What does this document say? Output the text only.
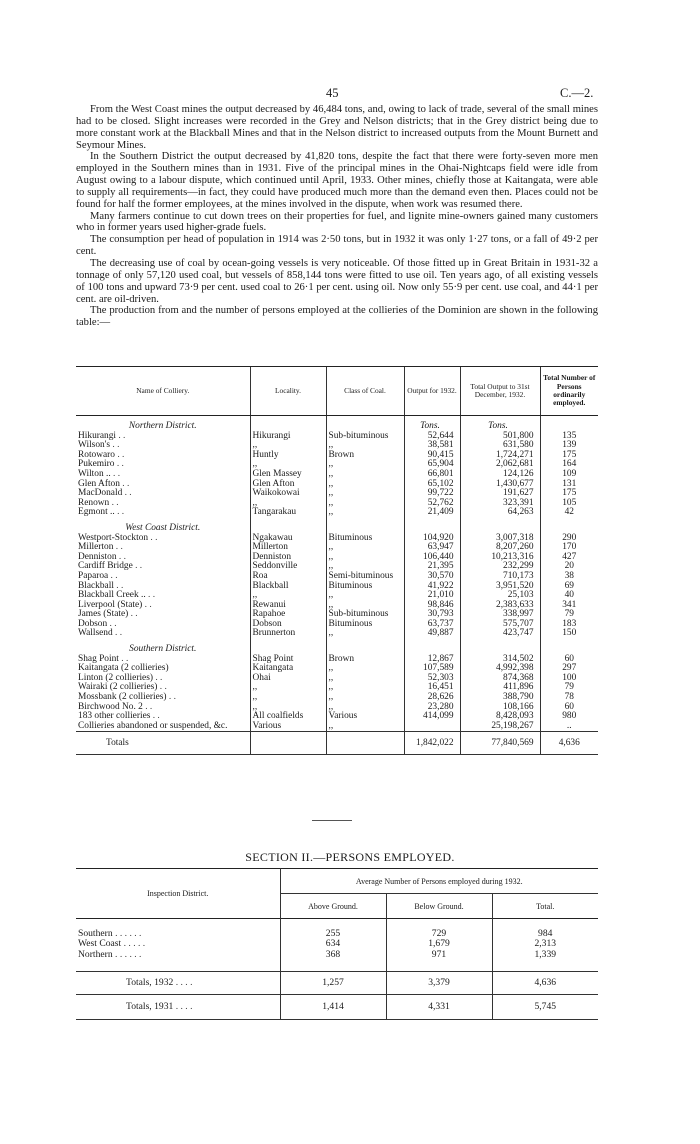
45	C.—2.

From the West Coast mines the output decreased by 46,484 tons, and, owing to lack of trade, several of the small mines had to be closed. Slight increases were recorded in the Grey and Nelson districts; that in the Grey district being due to more constant work at the Blackball Mines and that in the Nelson district to increased outputs from the Mount Burnett and Seymour Mines.

In the Southern District the output decreased by 41,820 tons, despite the fact that there were forty-seven more men employed in the Southern mines than in 1931. Five of the principal mines in the Ohai-Nightcaps field were idle from August owing to a labour dispute, which continued until April, 1933. Other mines, chiefly those at Kaitangata, were able to supply all requirements—in fact, they could have produced much more than the demand even then. Places could not be found for half the former employees, at the mines involved in the dispute, when work was resumed there.

Many farmers continue to cut down trees on their properties for fuel, and lignite mine-owners gained many customers who in former years used higher-grade fuels.

The consumption per head of population in 1914 was 2·50 tons, but in 1932 it was only 1·27 tons, or a fall of 49·2 per cent.

The decreasing use of coal by ocean-going vessels is very noticeable. Of those fitted up in Great Britain in 1931-32 a tonnage of only 57,120 used coal, but vessels of 858,144 tons were fitted to use oil. Ten years ago, of all existing vessels of 100 tons and upward 73·9 per cent. used coal to 26·1 per cent. using oil. Now only 55·9 per cent. use coal, and 44·1 per cent. are oil-driven.

The production from and the number of persons employed at the collieries of the Dominion are shown in the following table:—

Name of Colliery.	Locality.	Class of Coal.	Output for 1932.	Total Output to 31st December, 1932.	Total Number of Persons ordinarily employed.
Northern District.			Tons.	Tons.	
Hikurangi . .	Hikurangi	Sub-bituminous	52,644	501,800	135
Wilson's . .	,,	,,	38,581	631,580	139
Rotowaro . .	Huntly	Brown	90,415	1,724,271	175
Pukemiro . .	,,	,,	65,904	2,062,681	164
Wilton .. . .	Glen Massey	,,	66,801	124,126	109
Glen Afton . .	Glen Afton	,,	65,102	1,430,677	131
MacDonald . .	Waikokowai	,,	99,722	191,627	175
Renown . .	,,	,,	52,762	323,391	105
Egmont .. . .	Tangarakau	,,	21,409	64,263	42
West Coast District.					
Westport-Stockton . .	Ngakawau	Bituminous	104,920	3,007,318	290
Millerton . .	Millerton	,,	63,947	8,207,260	170
Denniston . .	Denniston	,,	106,440	10,213,316	427
Cardiff Bridge . .	Seddonville	,,	21,395	232,299	20
Paparoa . .	Roa	Semi-bituminous	30,570	710,173	38
Blackball . .	Blackball	Bituminous	41,922	3,951,520	69
Blackball Creek .. . .	,,	,,	21,010	25,103	40
Liverpool (State) . .	Rewanui	,,	98,846	2,383,633	341
James (State) . .	Rapahoe	Sub-bituminous	30,793	338,997	79
Dobson . .	Dobson	Bituminous	63,737	575,707	183
Wallsend . .	Brunnerton	,,	49,887	423,747	150
Southern District.					
Shag Point . .	Shag Point	Brown	12,867	314,502	60
Kaitangata (2 collieries)	Kaitangata	,,	107,589	4,992,398	297
Linton (2 collieries) . .	Ohai	,,	52,303	874,368	100
Wairaki (2 collieries) . .	,,	,,	16,451	411,896	79
Mossbank (2 collieries) . .	,,	,,	28,626	388,790	78
Birchwood No. 2 . .	,,	,,	23,280	108,166	60
183 other collieries . .	All coalfields	Various	414,099	8,428,093	980
Collieries abandoned or suspended, &c.	Various	,,		25,198,267	..
Totals			1,842,022	77,840,569	4,636
SECTION II.—PERSONS EMPLOYED.
Inspection District.	Average Number of Persons employed during 1932.		
	Above Ground.	Below Ground.	Total.

Southern . . . . . .	255	729	984
West Coast . . . . .	634	1,679	2,313
Northern . . . . . .	368	971	1,339

Totals, 1932 . . . .	1,257	3,379	4,636
Totals, 1931 . . . .	1,414	4,331	5,745
